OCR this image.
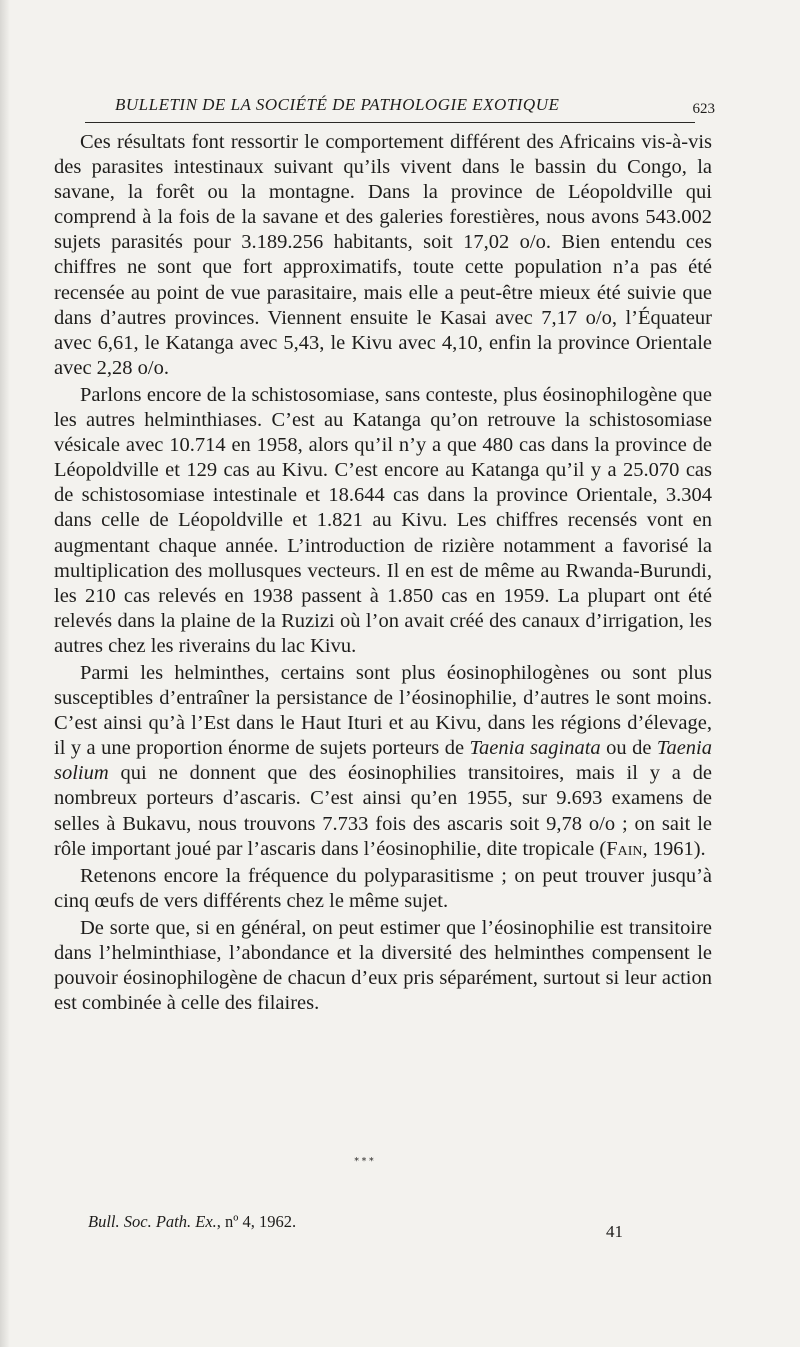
BULLETIN DE LA SOCIÉTÉ DE PATHOLOGIE EXOTIQUE	623

Ces résultats font ressortir le comportement différent des Africains vis-à-vis des parasites intestinaux suivant qu’ils vivent dans le bassin du Congo, la savane, la forêt ou la montagne. Dans la province de Léopoldville qui comprend à la fois de la savane et des galeries forestières, nous avons 543.002 sujets parasités pour 3.189.256 habitants, soit 17,02 o/o. Bien entendu ces chiffres ne sont que fort approximatifs, toute cette population n’a pas été recensée au point de vue parasitaire, mais elle a peut-être mieux été suivie que dans d’autres provinces. Viennent ensuite le Kasai avec 7,17 o/o, l’Équateur avec 6,61, le Katanga avec 5,43, le Kivu avec 4,10, enfin la province Orientale avec 2,28 o/o.

Parlons encore de la schistosomiase, sans conteste, plus éosinophilogène que les autres helminthiases. C’est au Katanga qu’on retrouve la schistosomiase vésicale avec 10.714 en 1958, alors qu’il n’y a que 480 cas dans la province de Léopoldville et 129 cas au Kivu. C’est encore au Katanga qu’il y a 25.070 cas de schistosomiase intestinale et 18.644 cas dans la province Orientale, 3.304 dans celle de Léopoldville et 1.821 au Kivu. Les chiffres recensés vont en augmentant chaque année. L’introduction de rizière notamment a favorisé la multiplication des mollusques vecteurs. Il en est de même au Rwanda-Burundi, les 210 cas relevés en 1938 passent à 1.850 cas en 1959. La plupart ont été relevés dans la plaine de la Ruzizi où l’on avait créé des canaux d’irrigation, les autres chez les riverains du lac Kivu.

Parmi les helminthes, certains sont plus éosinophilogènes ou sont plus susceptibles d’entraîner la persistance de l’éosinophilie, d’autres le sont moins. C’est ainsi qu’à l’Est dans le Haut Ituri et au Kivu, dans les régions d’élevage, il y a une proportion énorme de sujets porteurs de Taenia saginata ou de Taenia solium qui ne donnent que des éosinophilies transitoires, mais il y a de nombreux porteurs d’ascaris. C’est ainsi qu’en 1955, sur 9.693 examens de selles à Bukavu, nous trouvons 7.733 fois des ascaris soit 9,78 o/o ; on sait le rôle important joué par l’ascaris dans l’éosinophilie, dite tropicale (Fain, 1961).

Retenons encore la fréquence du polyparasitisme ; on peut trouver jusqu’à cinq œufs de vers différents chez le même sujet.

De sorte que, si en général, on peut estimer que l’éosinophilie est transitoire dans l’helminthiase, l’abondance et la diversité des helminthes compensent le pouvoir éosinophilogène de chacun d’eux pris séparément, surtout si leur action est combinée à celle des filaires.

* * *
Bull. Soc. Path. Ex., nº 4, 1962.
41
